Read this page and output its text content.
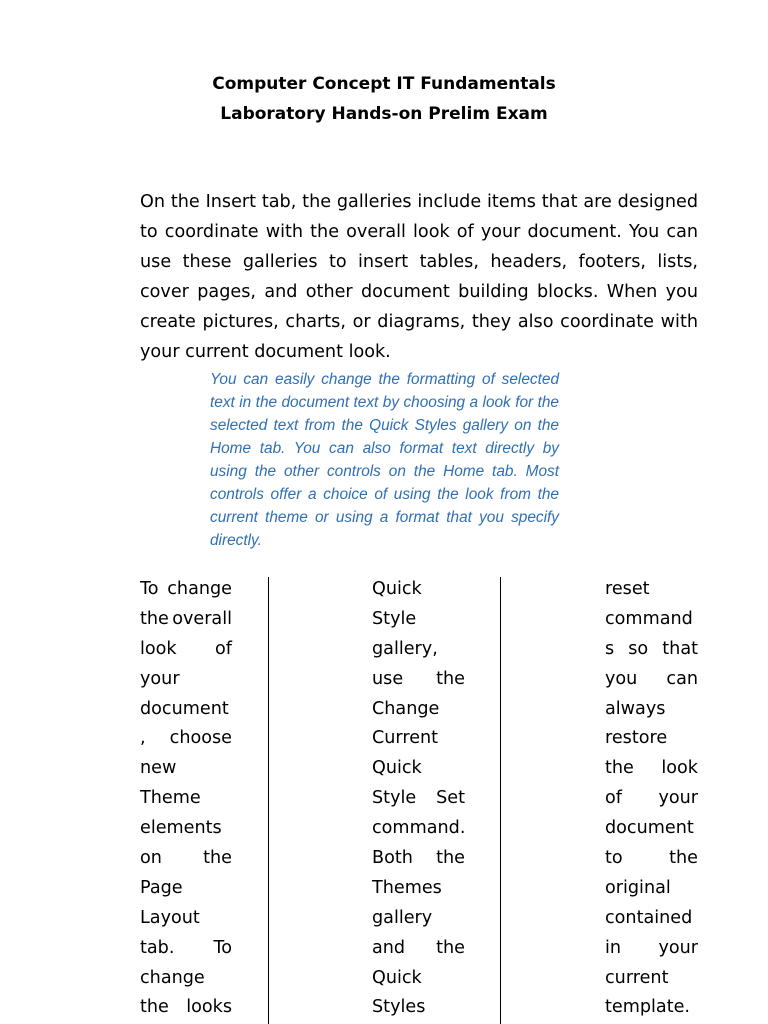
Computer Concept IT Fundamentals
Laboratory Hands-on Prelim Exam

On the Insert tab, the galleries include items that are designed to coordinate with the overall look of your document. You can use these galleries to insert tables, headers, footers, lists, cover pages, and other document building blocks. When you create pictures, charts, or diagrams, they also coordinate with your current document look.

You can easily change the formatting of selected text in the document text by choosing a look for the selected text from the Quick Styles gallery on the Home tab. You can also format text directly by using the other controls on the Home tab. Most controls offer a choice of using the look from the current theme or using a format that you specify directly.

To change
the overall
look of
your
document
, choose
new
Theme
elements
on the
Page
Layout
tab. To
change
the looks
Quick
Style
gallery,
use the
Change
Current
Quick
Style Set
command.
Both the
Themes
gallery
and the
Quick
Styles
reset
command
s so that
you can
always
restore
the look
of your
document
to	the
original
contained
in your
current
template.
